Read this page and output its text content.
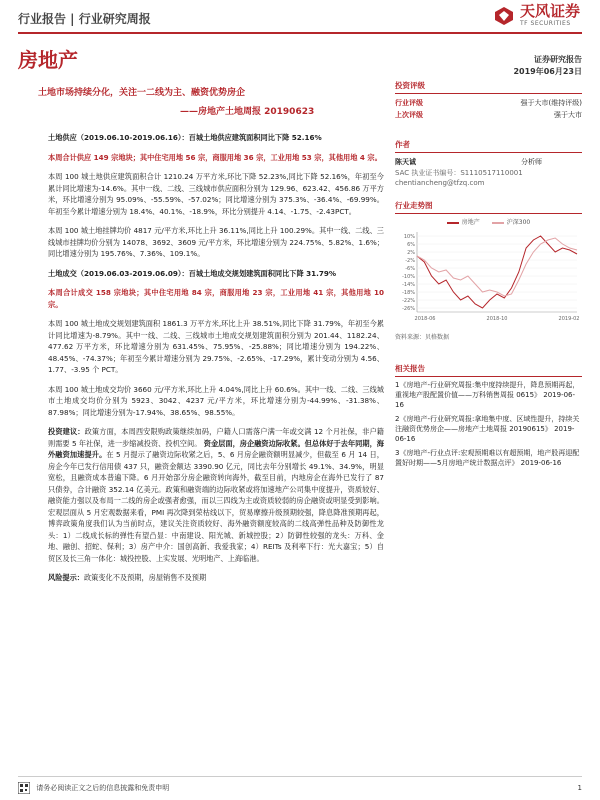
行业报告 | 行业研究周报	天风证券
TF SECURITIES
房地产	证券研究报告
2019年06月23日
土地市场持续分化，关注一二线为主、融资优势房企
——房地产土地周报 20190623

土地供应（2019.06.10-2019.06.16）：百城土地供应建筑面积同比下降 52.16%

本周合计供应 149 宗地块；其中住宅用地 56 宗，商服用地 36 宗，工业用地 53 宗，其他用地 4 宗。

本周 100 城土地供应建筑面积合计 1210.24 万平方米,环比下降 52.23%,同比下降 52.16%，年初至今累计同比增速为-14.6%。其中一线、二线、三线城市供应面积分别为 129.96、623.42、456.86 万平方米，环比增速分别为 95.09%、-55.59%、-57.02%；同比增速分别为 375.3%、-36.4%、-69.99%。年初至今累计增速分别为 18.4%、40.1%、-18.9%，环比分别提升 4.14、-1.75、-2.43PCT。

本周 100 城土地挂牌均价 4817 元/平方米,环比上升 36.11%,同比上升 100.29%。其中一线、二线、三线城市挂牌均价分别为 14078、3692、3609 元/平方米，环比增速分别为 224.75%、5.82%、1.6%；同比增速分别为 195.76%、7.36%、109.1%。

土地成交（2019.06.03-2019.06.09）：百城土地成交规划建筑面积同比下降 31.79%

本周合计成交 158 宗地块；其中住宅用地 84 宗，商服用地 23 宗，工业用地 41 宗，其他用地 10 宗。

本周 100 城土地成交规划建筑面积 1861.3 万平方米,环比上升 38.51%,同比下降 31.79%，年初至今累计同比增速为-8.79%。其中一线、二线、三线城市土地成交规划建筑面积分别为 201.44、1182.24、477.62 万平方米，环比增速分别为 631.45%、75.95%、-25.88%；同比增速分别为 194.22%、48.45%、-74.37%；年初至今累计增速分别为 29.75%、-2.65%、-17.29%，累计变动分别为 4.56、1.77、-3.95 个 PCT。

本周 100 城土地成交均价 3660 元/平方米,环比上升 4.04%,同比上升 60.6%。其中一线、二线、三线城市土地成交均价分别为 5923、3042、4237 元/平方米，环比增速分别为-44.99%、-31.38%、87.98%；同比增速分别为-17.94%、38.65%、98.55%。

投资建议：政策方面，本周西安限购政策继续加码，户籍人口需落户满一年或交满 12 个月社保，非户籍则需要 5 年社保，进一步缩减投资、投机空间。 资金层面，房企融资边际收紧。但总体好于去年同期，海外融资加速提升。在 5 月提示了融资边际收紧之后，5、6 月房企融资额明显减少，但截至 6 月 14 日，房企今年已发行信用债 437 只，融资金额达 3390.90 亿元，同比去年分别增长 49.1%、34.9%，明显宽松，且融资成本普遍下降。6 月开始部分房企融资转向海外，截至目前，内地房企在海外已发行了 87 只债券，合计融资 352.14 亿美元。政策和融资端的边际收紧或将加速地产公司集中度提升，资质较好、融资能力强以及布局一二线的房企或强者愈强，而以三四线为主或资质较弱的房企融资或明显受到影响。宏观层面从 5 月宏观数据来看，PMI 再次降到荣枯线以下，贸易摩擦升级预期较强，降息降准预期再起，博弈政策角度我们认为当前时点，建议关注资质较好、海外融资额度较高的二线高弹性品种及防御性龙头：1）二线成长标的弹性有望凸显：中南建设、阳光城、新城控股；2）防御性较强的龙头：万科、金地、融创、招蛇、保利；3）房产中介：国创高新、我爱我家；4）REITs 及利率下行：光大嘉宝；5）自贸区及长三角一体化：城投控股、上实发展、光明地产、上海临港。

风险提示：政策变化不及预期，房屋销售不及预期

投资评级
行业评级	强于大市(维持评级)
上次评级	强于大市
作者
陈天诚	分析师
SAC 执业证书编号：S1110517110001
chentiancheng@tfzq.com
行业走势图
房地产	沪深300
10%
6%
2%
-2%
-6%
-10%
-14%
-18%
-22%
-26%
2018-06	2018-10	2019-02
资料来源：贝格数据
相关报告
1《房地产-行业研究周报:集中度持续提升，降息预期再起，重视地产股配置价值——万科销售周报 0615》 2019-06-16
2《房地产-行业研究周报:拿地集中度、区域性提升，持续关注融资优势房企——房地产土地周报 20190615》 2019-06-16
3《房地产-行业点评:宏观预期难以有超预期，地产股再迎配置好时期——5月房地产统计数据点评》 2019-06-16
请务必阅读正文之后的信息披露和免责申明	1
